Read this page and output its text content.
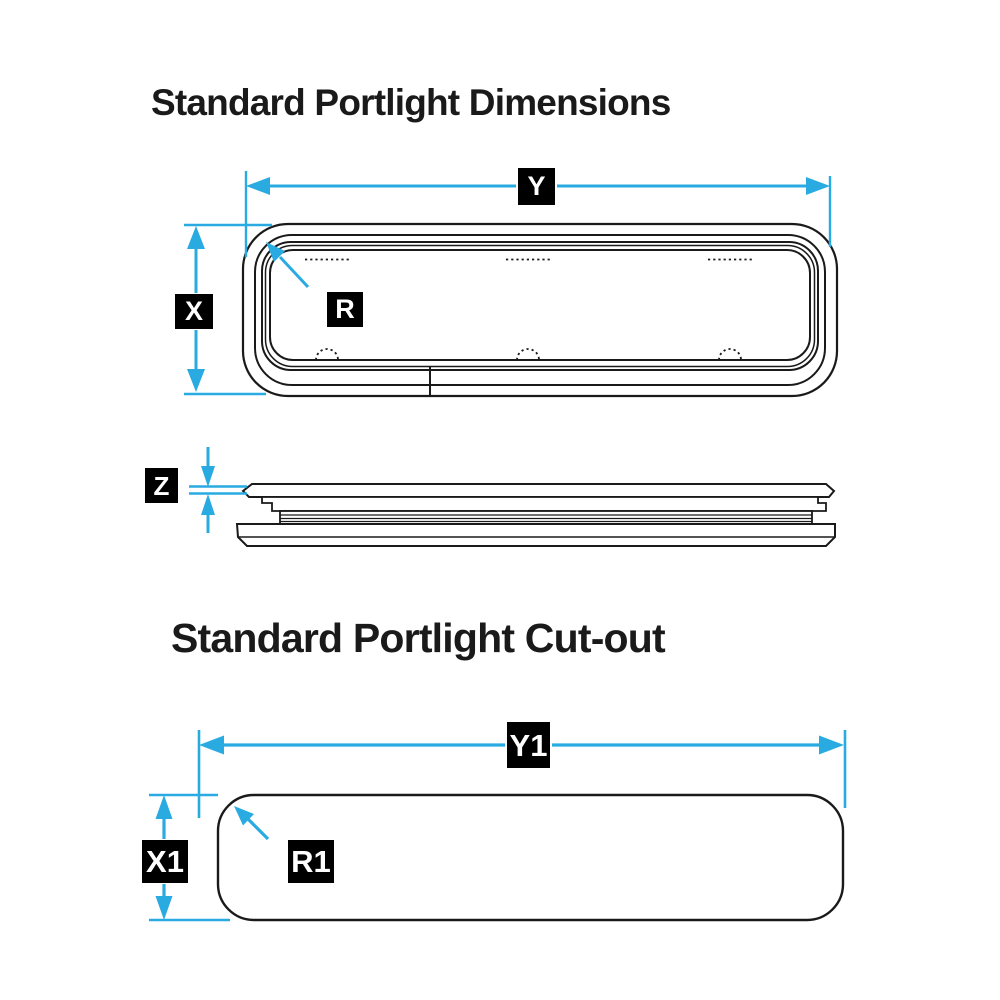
Standard Portlight Dimensions
Standard Portlight Cut-out
Y
X	R
Z
Y1
X1	R1
